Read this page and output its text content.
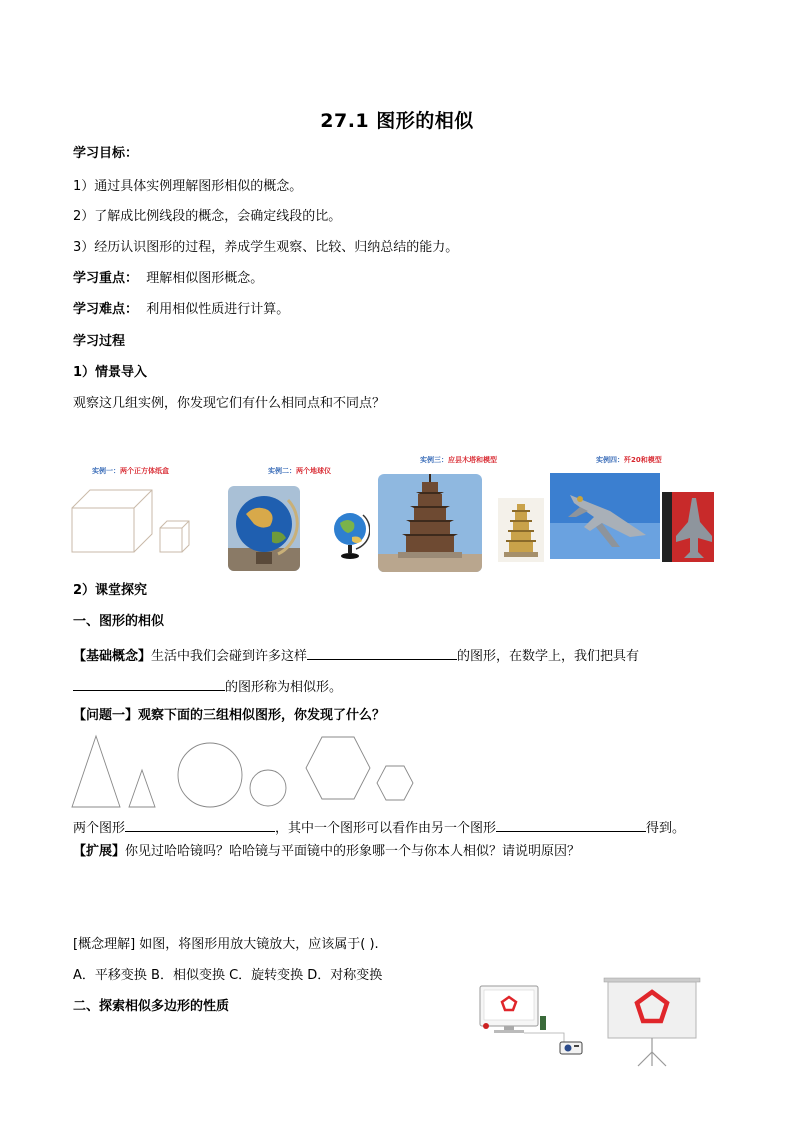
27.1 图形的相似
学习目标：
1）通过具体实例理解图形相似的概念。
2）了解成比例线段的概念，会确定线段的比。
3）经历认识图形的过程，养成学生观察、比较、归纳总结的能力。
学习重点： 理解相似图形概念。
学习难点： 利用相似性质进行计算。
学习过程
1）情景导入
观察这几组实例，你发现它们有什么相同点和不同点？
实例一：两个正方体纸盒	实例二：两个地球仪
实例三：应县木塔和模型	实例四：歼20和模型
2）课堂探究
一、图形的相似
【基础概念】生活中我们会碰到许多这样	的图形，在数学上，我们把具有
的图形称为相似形。
【问题一】观察下面的三组相似图形，你发现了什么？
两个图形	，其中一个图形可以看作由另一个图形	得到。
【扩展】你见过哈哈镜吗？哈哈镜与平面镜中的形象哪一个与你本人相似？请说明原因？
[概念理解] 如图，将图形用放大镜放大，应该属于( ).
A．平移变换 B．相似变换 C．旋转变换 D．对称变换
二、探索相似多边形的性质
